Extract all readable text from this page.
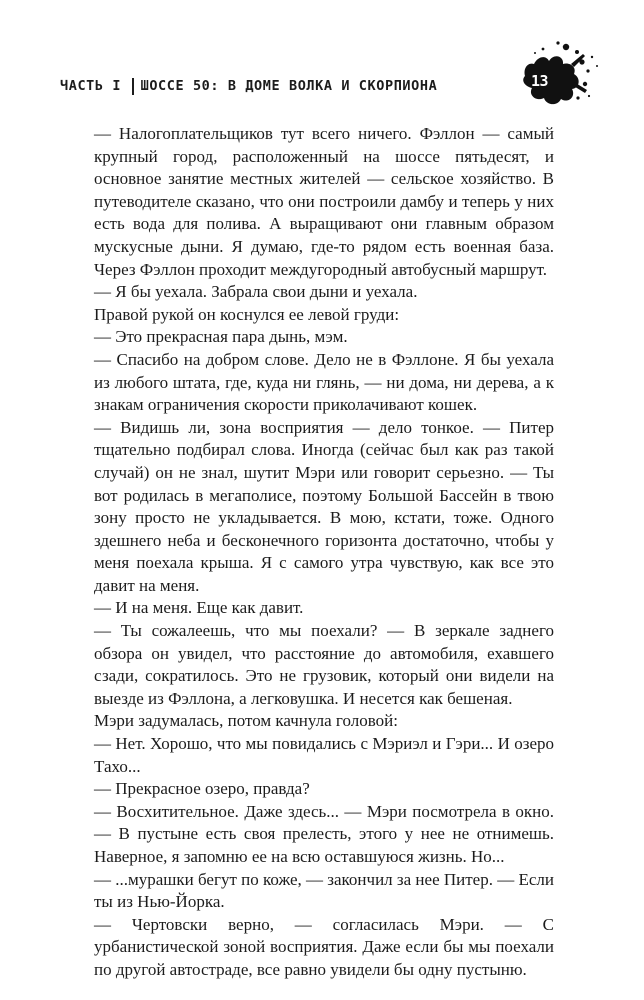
ЧАСТЬ I ШОССЕ 50: В ДОМЕ ВОЛКА И СКОРПИОНА	13

— Налогоплательщиков тут всего ничего. Фэллон — самый крупный город, расположенный на шоссе пятьдесят, и основное занятие местных жителей — сельское хозяйство. В путеводителе сказано, что они построили дамбу и теперь у них есть вода для полива. А выращивают они главным образом мускусные дыни. Я думаю, где-то рядом есть военная база. Через Фэллон проходит междугородный автобусный маршрут.

— Я бы уехала. Забрала свои дыни и уехала.

Правой рукой он коснулся ее левой груди:

— Это прекрасная пара дынь, мэм.

— Спасибо на добром слове. Дело не в Фэллоне. Я бы уехала из любого штата, где, куда ни глянь, — ни дома, ни дерева, а к знакам ограничения скорости приколачивают кошек.

— Видишь ли, зона восприятия — дело тонкое. — Питер тщательно подбирал слова. Иногда (сейчас был как раз такой случай) он не знал, шутит Мэри или говорит серьезно. — Ты вот родилась в мегаполисе, поэтому Большой Бассейн в твою зону просто не укладывается. В мою, кстати, тоже. Одного здешнего неба и бесконечного горизонта достаточно, чтобы у меня поехала крыша. Я с самого утра чувствую, как все это давит на меня.

— И на меня. Еще как давит.

— Ты сожалеешь, что мы поехали? — В зеркале заднего обзора он увидел, что расстояние до автомобиля, ехавшего сзади, сократилось. Это не грузовик, который они видели на выезде из Фэллона, а легковушка. И несется как бешеная.

Мэри задумалась, потом качнула головой:

— Нет. Хорошо, что мы повидались с Мэриэл и Гэри... И озеро Тахо...

— Прекрасное озеро, правда?

— Восхитительное. Даже здесь... — Мэри посмотрела в окно. — В пустыне есть своя прелесть, этого у нее не отнимешь. Наверное, я запомню ее на всю оставшуюся жизнь. Но...

— ...мурашки бегут по коже, — закончил за нее Питер. — Если ты из Нью-Йорка.

— Чертовски верно, — согласилась Мэри. — С урбанистической зоной восприятия. Даже если бы мы поехали по другой автостраде, все равно увидели бы одну пустыню.
